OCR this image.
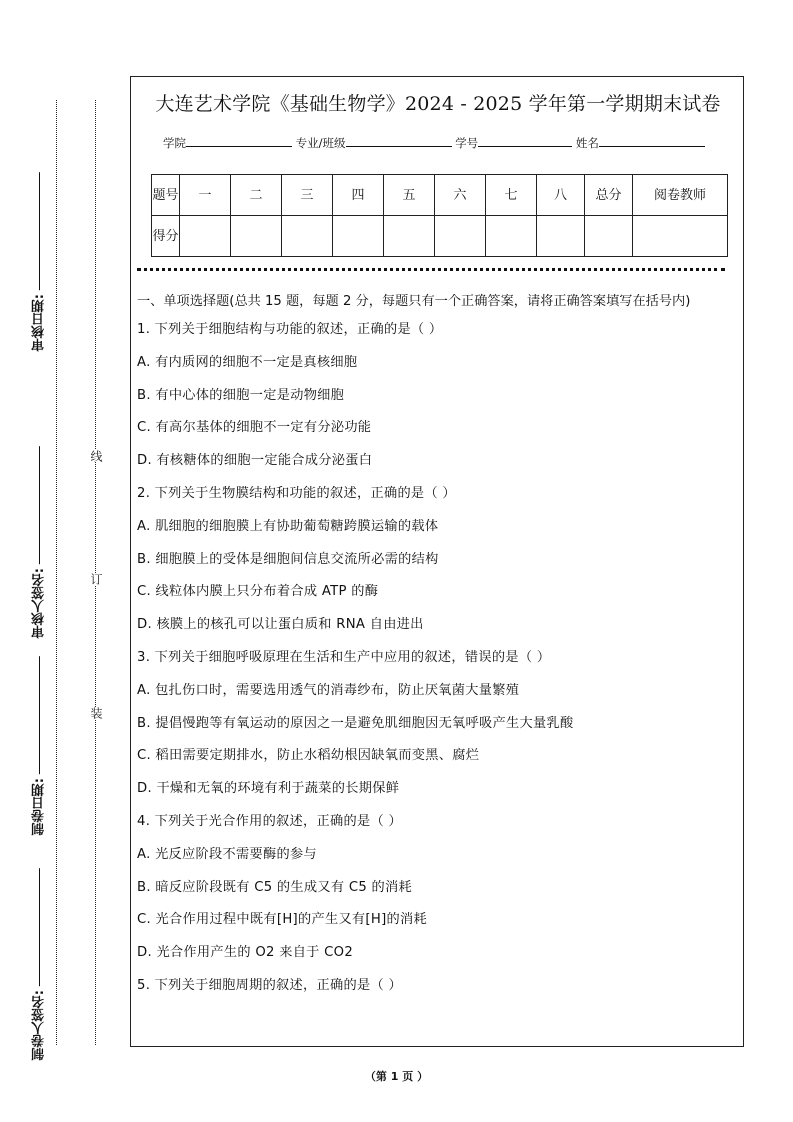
审核日期:
审核人签名:
制卷日期:
制卷人签名:
线
订
装
大连艺术学院《基础生物学》2024 - 2025 学年第一学期期末试卷
学院	专业/班级	学号	姓名
题号	一	二	三	四	五	六	七	八	总分	阅卷教师
得分										
一、单项选择题(总共 15 题，每题 2 分，每题只有一个正确答案，请将正确答案填写在括号内)
1. 下列关于细胞结构与功能的叙述，正确的是（ ）
A. 有内质网的细胞不一定是真核细胞
B. 有中心体的细胞一定是动物细胞
C. 有高尔基体的细胞不一定有分泌功能
D. 有核糖体的细胞一定能合成分泌蛋白
2. 下列关于生物膜结构和功能的叙述，正确的是（ ）
A. 肌细胞的细胞膜上有协助葡萄糖跨膜运输的载体
B. 细胞膜上的受体是细胞间信息交流所必需的结构
C. 线粒体内膜上只分布着合成 ATP 的酶
D. 核膜上的核孔可以让蛋白质和 RNA 自由进出
3. 下列关于细胞呼吸原理在生活和生产中应用的叙述，错误的是（ ）
A. 包扎伤口时，需要选用透气的消毒纱布，防止厌氧菌大量繁殖
B. 提倡慢跑等有氧运动的原因之一是避免肌细胞因无氧呼吸产生大量乳酸
C. 稻田需要定期排水，防止水稻幼根因缺氧而变黑、腐烂
D. 干燥和无氧的环境有利于蔬菜的长期保鲜
4. 下列关于光合作用的叙述，正确的是（ ）
A. 光反应阶段不需要酶的参与
B. 暗反应阶段既有 C5 的生成又有 C5 的消耗
C. 光合作用过程中既有[H]的产生又有[H]的消耗
D. 光合作用产生的 O2 来自于 CO2
5. 下列关于细胞周期的叙述，正确的是（ ）
（第 1 页 ）
